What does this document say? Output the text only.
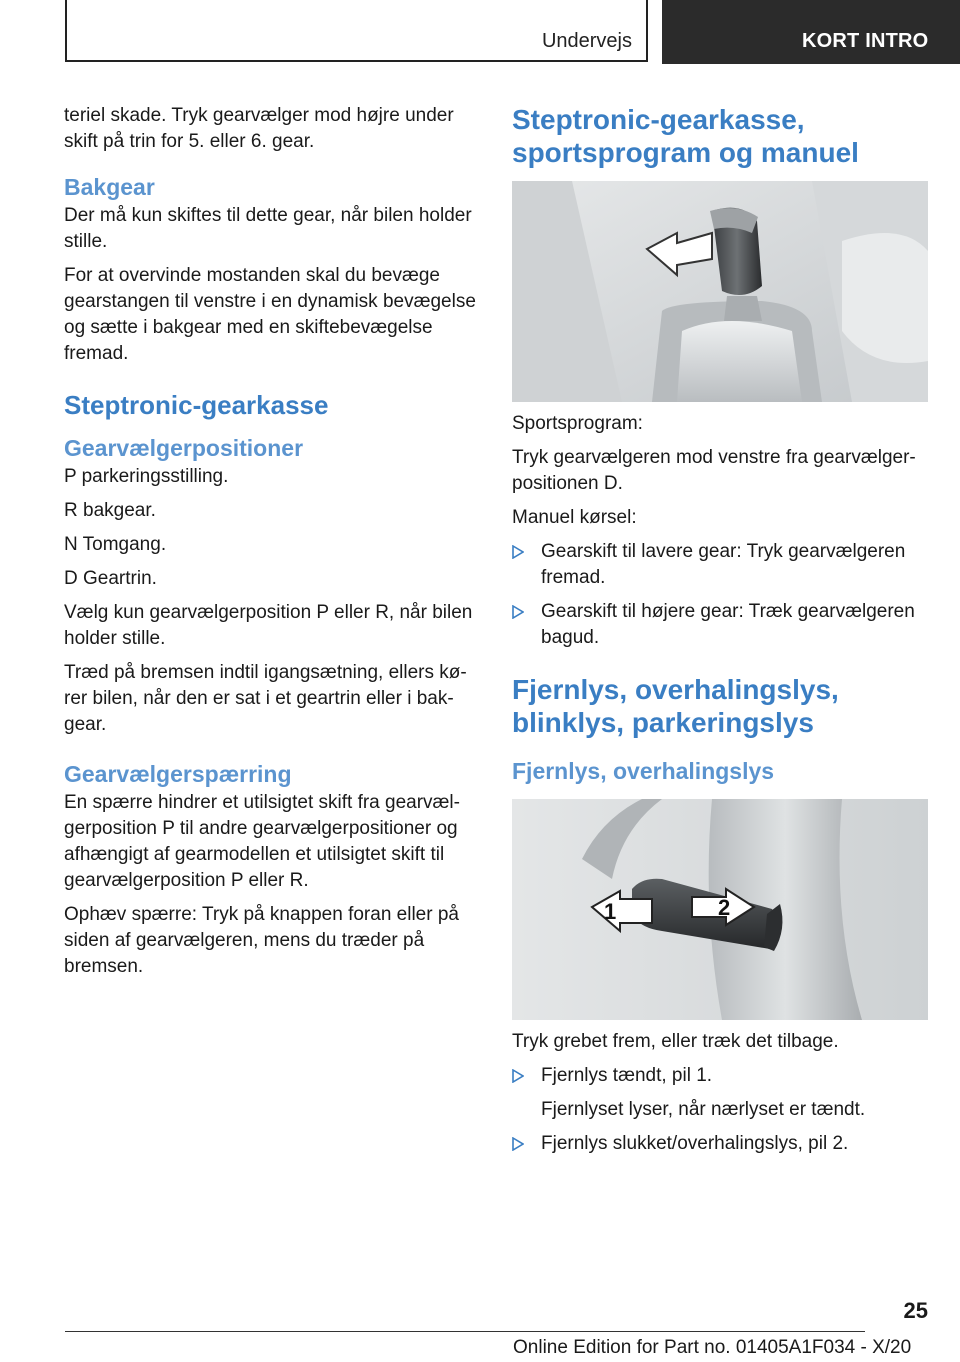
Undervejs	KORT INTRO

teriel skade. Tryk gearvælger mod højre under skift på trin for 5. eller 6. gear.

Bakgear

Der må kun skiftes til dette gear, når bilen holder stille.

For at overvinde mostanden skal du bevæge gearstangen til venstre i en dynamisk bevægelse og sætte i bakgear med en skiftebevægelse fremad.

Steptronic-gearkasse
Gearvælgerpositioner

P parkeringsstilling.

R bakgear.

N Tomgang.

D Geartrin.

Vælg kun gearvælgerposition P eller R, når bilen holder stille.

Træd på bremsen indtil igangsætning, ellers kø‐rer bilen, når den er sat i et geartrin eller i bak‐gear.

Gearvælgerspærring

En spærre hindrer et utilsigtet skift fra gearvæl‐gerposition P til andre gearvælgerpositioner og afhængigt af gearmodellen et utilsigtet skift til gearvælgerposition P eller R.

Ophæv spærre: Tryk på knappen foran eller på siden af gearvælgeren, mens du træder på bremsen.

Steptronic-gearkasse, sportsprogram og manuel

Sportsprogram:

Tryk gearvælgeren mod venstre fra gearvælger‐positionen D.

Manuel kørsel:

Gearskift til lavere gear: Tryk gearvælgeren fremad.

Gearskift til højere gear: Træk gearvælgeren bagud.

Fjernlys, overhalingslys, blinklys, parkeringslys
Fjernlys, overhalingslys
1	2

Tryk grebet frem, eller træk det tilbage.

Fjernlys tændt, pil 1.

Fjernlyset lyser, når nærlyset er tændt.

Fjernlys slukket/overhalingslys, pil 2.

25
Online Edition for Part no. 01405A1F034 - X/20
